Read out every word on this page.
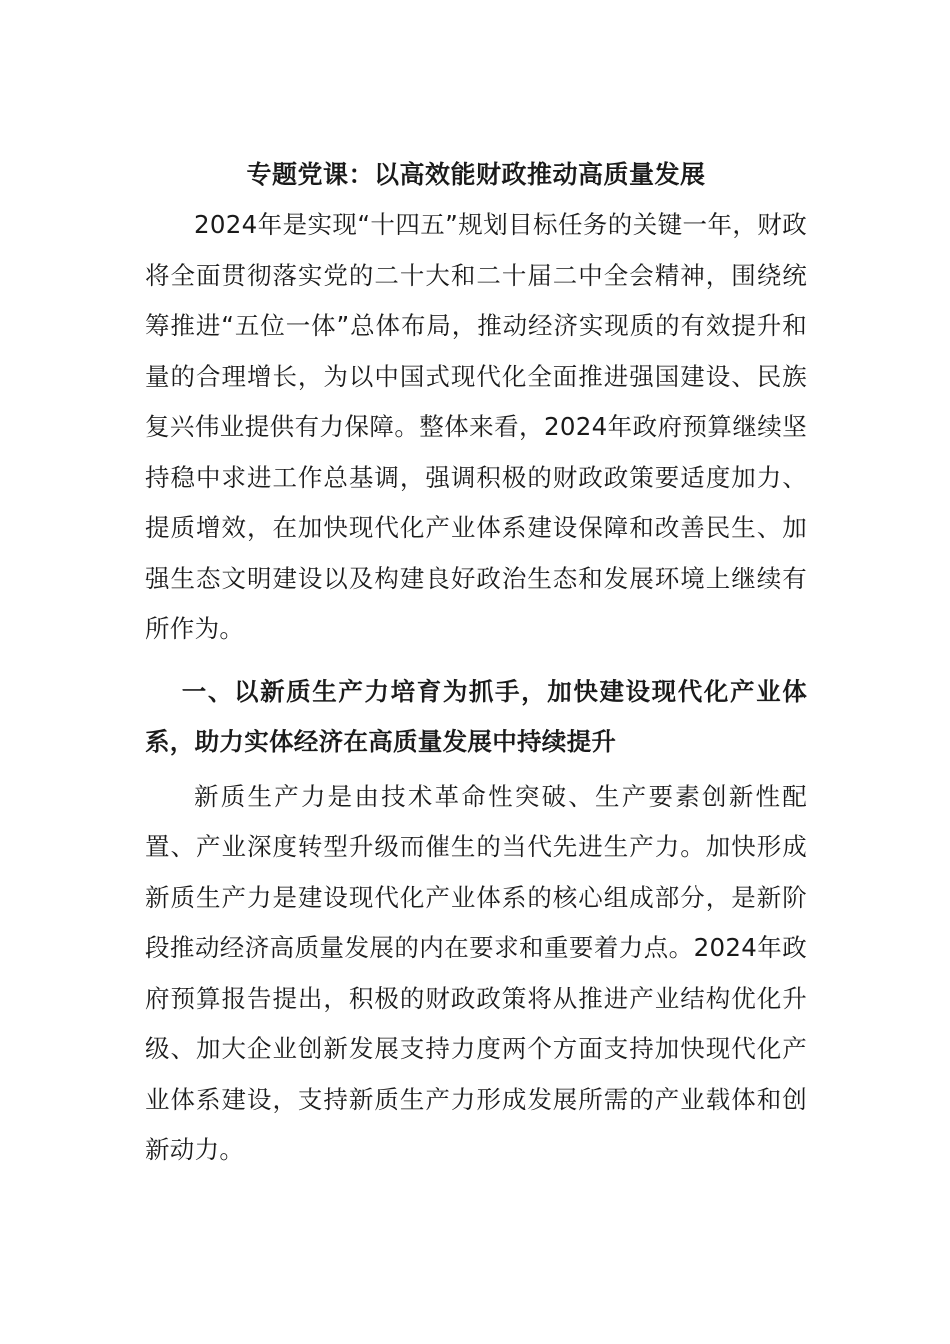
专题党课：以高效能财政推动高质量发展

2024年是实现“十四五”规划目标任务的关键一年，财政将全面贯彻落实党的二十大和二十届二中全会精神，围绕统筹推进“五位一体”总体布局，推动经济实现质的有效提升和量的合理增长，为以中国式现代化全面推进强国建设、民族复兴伟业提供有力保障。整体来看，2024年政府预算继续坚持稳中求进工作总基调，强调积极的财政政策要适度加力、提质增效，在加快现代化产业体系建设保障和改善民生、加强生态文明建设以及构建良好政治生态和发展环境上继续有所作为。

一、以新质生产力培育为抓手，加快建设现代化产业体系，助力实体经济在高质量发展中持续提升

新质生产力是由技术革命性突破、生产要素创新性配置、产业深度转型升级而催生的当代先进生产力。加快形成新质生产力是建设现代化产业体系的核心组成部分，是新阶段推动经济高质量发展的内在要求和重要着力点。2024年政府预算报告提出，积极的财政政策将从推进产业结构优化升级、加大企业创新发展支持力度两个方面支持加快现代化产业体系建设，支持新质生产力形成发展所需的产业载体和创新动力。
